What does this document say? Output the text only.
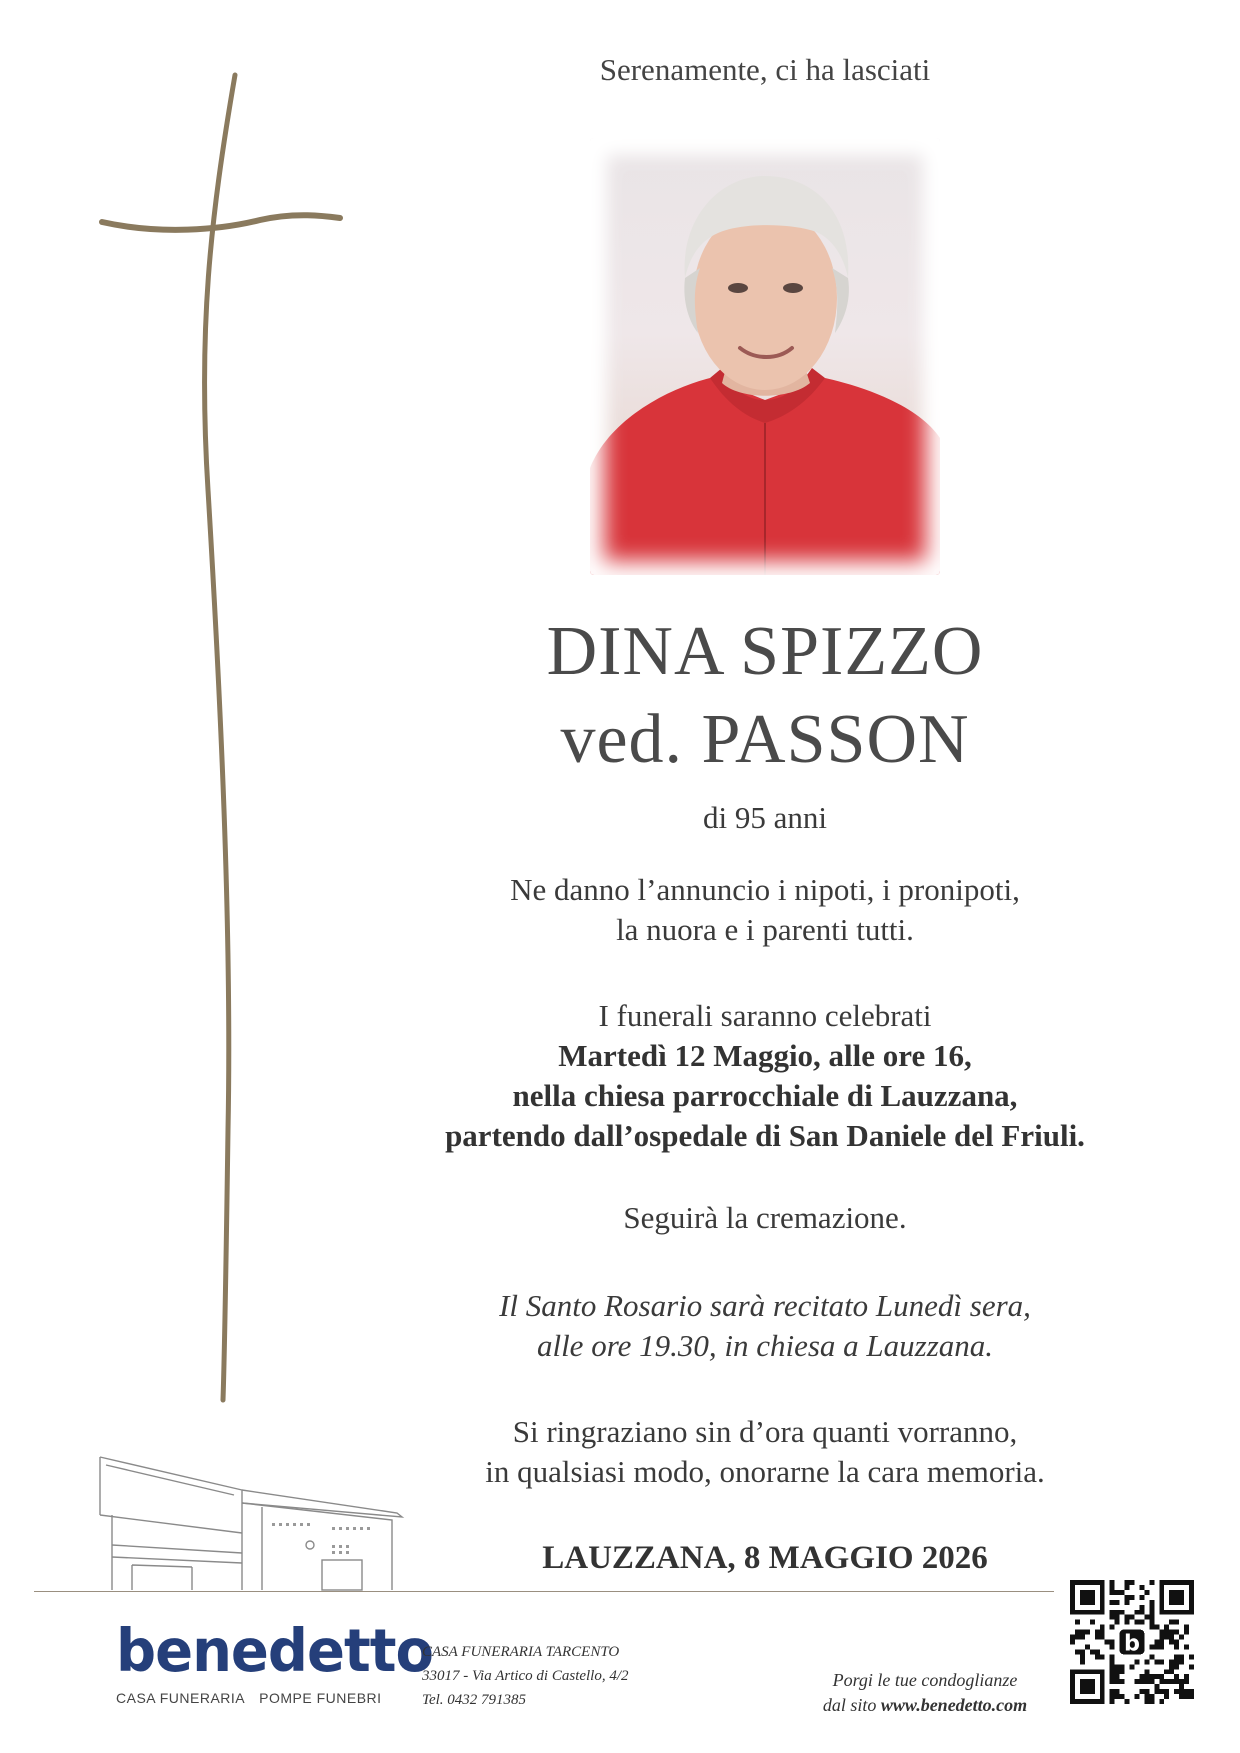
Serenamente, ci ha lasciati
DINA SPIZZO
ved. PASSON
di 95 anni
Ne danno l’annuncio i nipoti, i pronipoti,
la nuora e i parenti tutti.
I funerali saranno celebrati
Martedì 12 Maggio, alle ore 16,
nella chiesa parrocchiale di Lauzzana,
partendo dall’ospedale di San Daniele del Friuli.
Seguirà la cremazione.
Il Santo Rosario sarà recitato Lunedì sera,
alle ore 19.30, in chiesa a Lauzzana.
Si ringraziano sin d’ora quanti vorranno,
in qualsiasi modo, onorarne la cara memoria.
LAUZZANA, 8 MAGGIO 2026
benedetto
CASA FUNERARIA POMPE FUNEBRI
CASA FUNERARIA TARCENTO
33017 - Via Artico di Castello, 4/2
Tel. 0432 791385
Porgi le tue condoglianze
dal sito www.benedetto.com
b
